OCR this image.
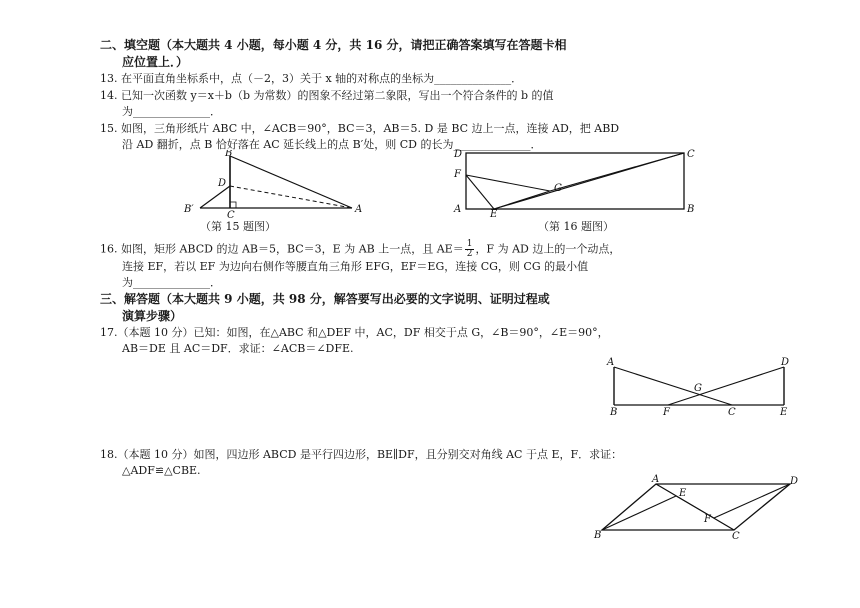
二、填空题（本大题共 4 小题，每小题 4 分，共 16 分，请把正确答案填写在答题卡相
应位置上．）
13. 在平面直角坐标系中，点（－2，3）关于 x 轴的对称点的坐标为______________．
14. 已知一次函数 y＝x＋b（b 为常数）的图象不经过第二象限，写出一个符合条件的 b 的值
为______________．
15. 如图，三角形纸片 ABC 中，∠ACB＝90°，BC＝3，AB＝5. D 是 BC 边上一点，连接 AD，把 ABD
沿 AD 翻折，点 B 恰好落在 AC 延长线上的点 B′处，则 CD 的长为______________．
B
D
B′
C
A
（第 15 题图）
D	C
F
G
A	E	B
（第 16 题图）
16. 如图，矩形 ABCD 的边 AB＝5，BC＝3，E 为 AB 上一点，且 $AE= \frac{1}{2}$ ，F 为 AD 边上的一个动点，
连接 EF，若以 EF 为边向右侧作等腰直角三角形 EFG，EF＝EG，连接 CG，则 CG 的最小值
为______________．
三、解答题（本大题共 9 小题，共 98 分，解答要写出必要的文字说明、证明过程或
演算步骤）
17.（本题 10 分）已知：如图，在△ABC 和△DEF 中，AC，DF 相交于点 G，∠B＝90°，∠E＝90°，
AB＝DE 且 AC＝DF．求证：∠ACB＝∠DFE.
A	D
G
B	F	C	E
18.（本题 10 分）如图，四边形 ABCD 是平行四边形，BE∥DF，且分别交对角线 AC 于点 E，F．求证：
△ADF≌△CBE.
A	D
E
F
B	C
